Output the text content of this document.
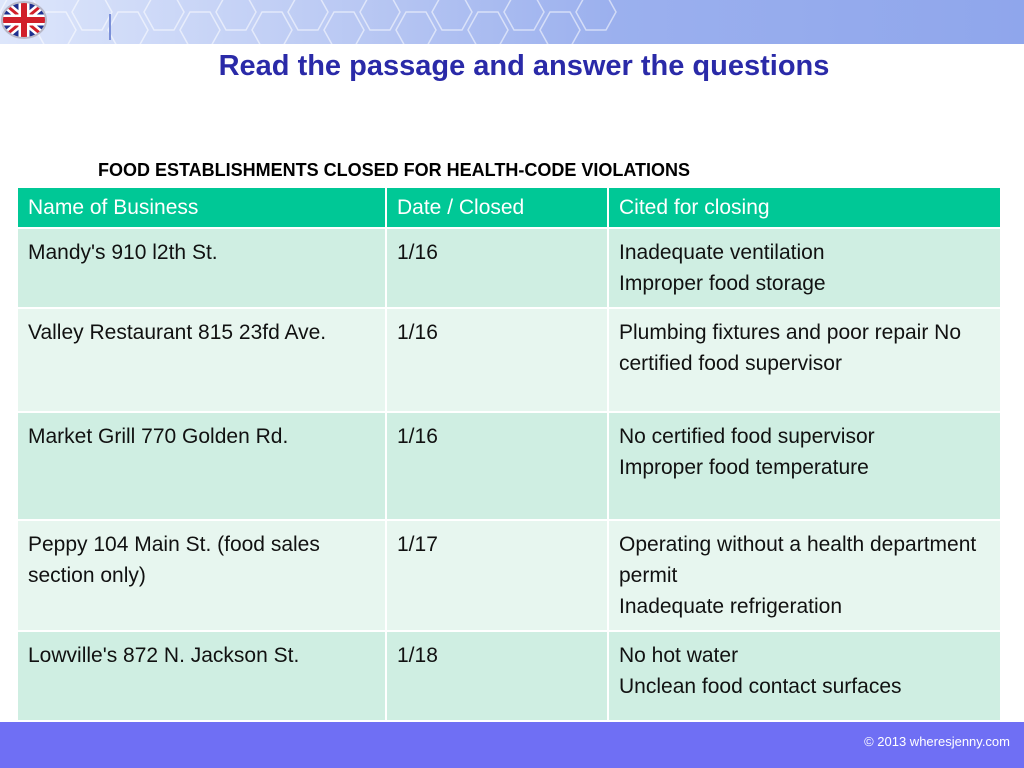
Read the passage and answer the questions
FOOD ESTABLISHMENTS CLOSED FOR HEALTH-CODE VIOLATIONS
Name of Business	Date / Closed	Cited for closing
Mandy's 910 l2th St.	1/16	Inadequate ventilation
Improper food storage
Valley Restaurant 815 23fd Ave.	1/16	Plumbing fixtures and poor repair No certified food supervisor
Market Grill 770 Golden Rd.	1/16	No certified food supervisor
Improper food temperature
Peppy 104 Main St. (food sales section only)	1/17	Operating without a health department permit
Inadequate refrigeration
Lowville's 872 N. Jackson St.	1/18	No hot water
Unclean food contact surfaces
© 2013 wheresjenny.com
